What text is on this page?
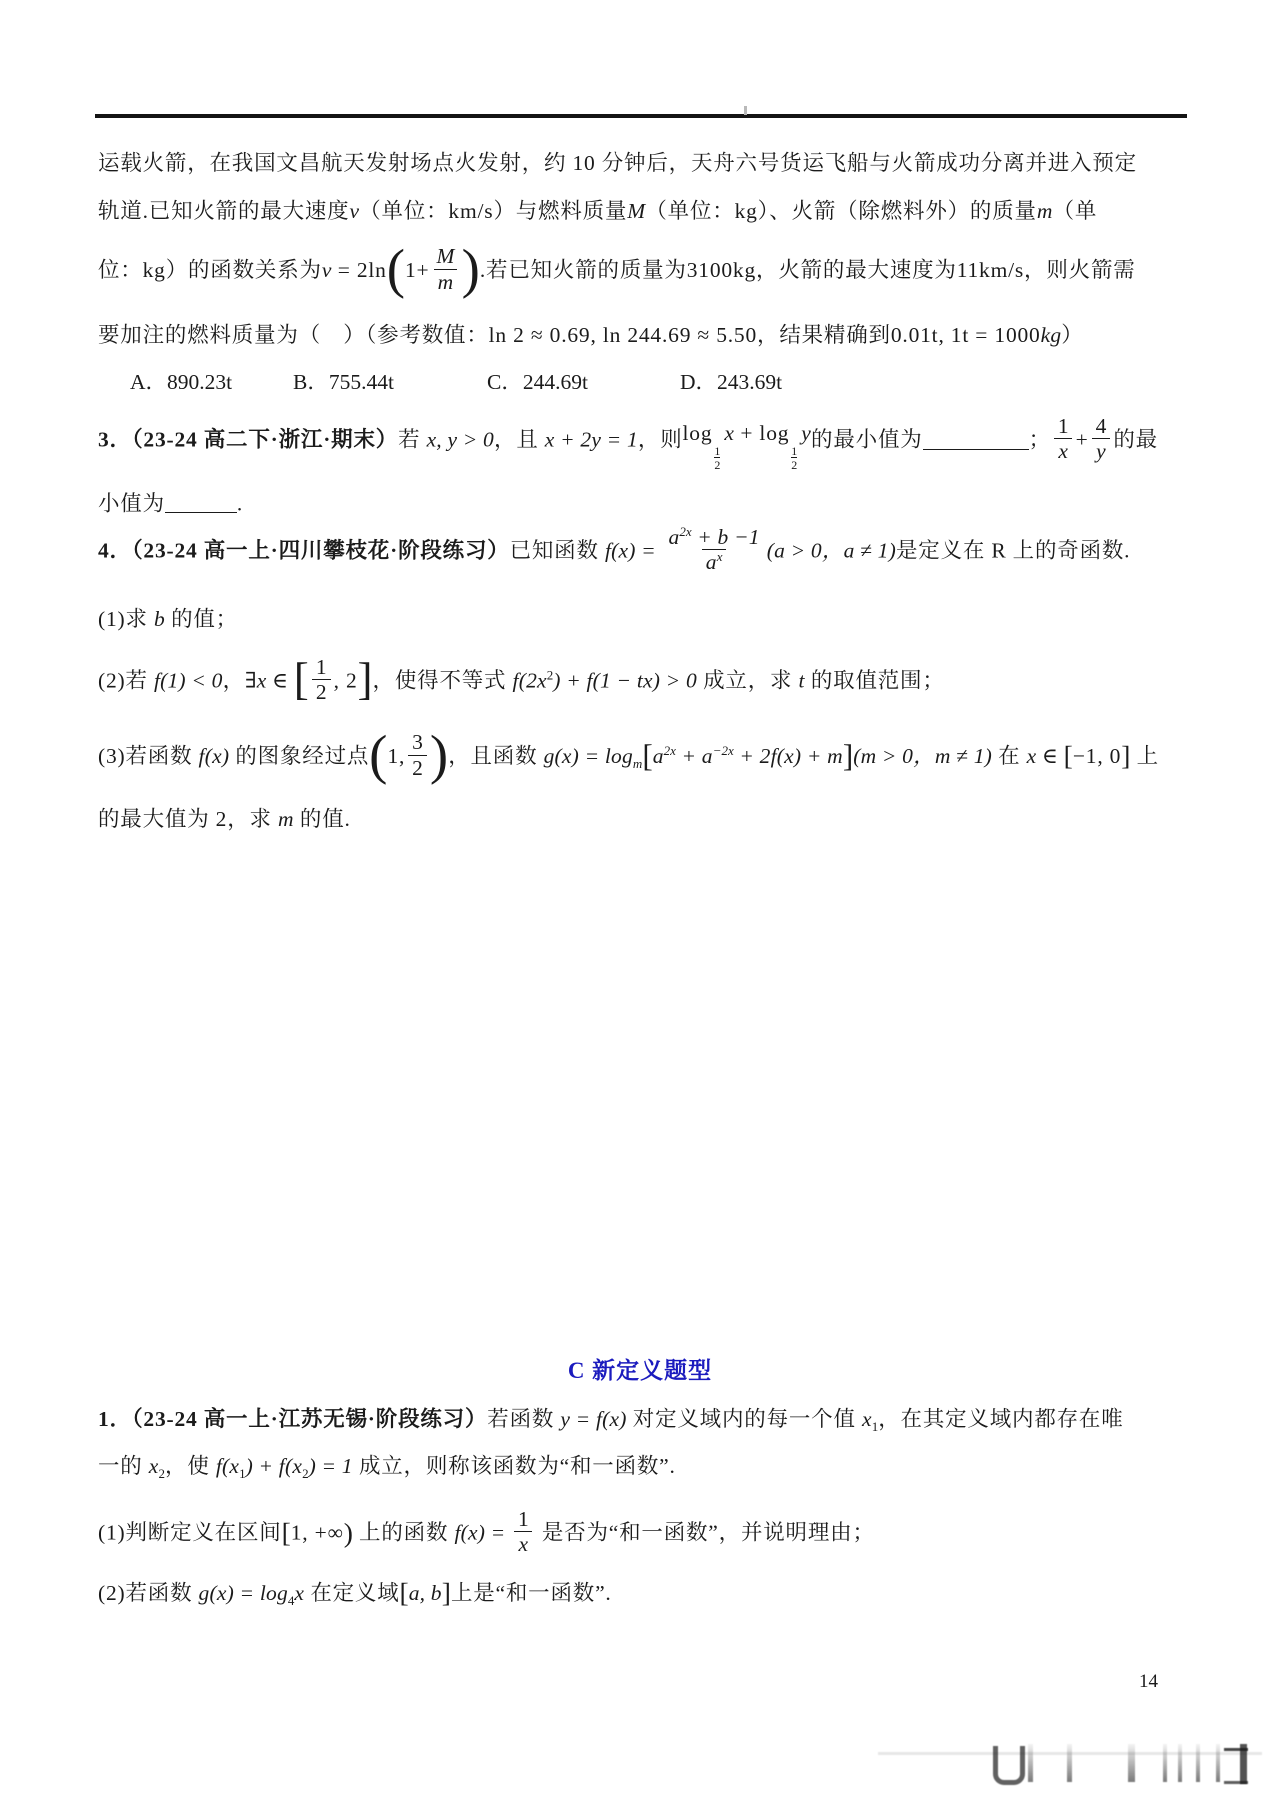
运载火箭，在我国文昌航天发射场点火发射，约 10 分钟后，天舟六号货运飞船与火箭成功分离并进入预定
轨道.已知火箭的最大速度v（单位：km/s）与燃料质量M（单位：kg）、火箭（除燃料外）的质量m（单
位：kg）的函数关系为$v = 2\ln(1+ \frac{M}{m}$ ).若已知火箭的质量为3100kg，火箭的最大速度为11km/s，则火箭需
要加注的燃料质量为（　）（参考数值：ln 2 ≈ 0.69, ln 244.69 ≈ 5.50，结果精确到0.01t, 1t = 1000kg）
A．890.23t	B．755.44t	C．244.69t	D．243.69t
3．（23-24 高二下·浙江·期末）若 x, y > 0，且 x + 2y = 1，则log
$\frac{1}{2}$
x + log
$\frac{1}{2}$
y的最小值为	； $\frac{1}{x} + \frac{4}{y}$ 的最
小值为	.
4．（23-24 高一上·四川攀枝花·阶段练习）已知函数 $f(x) = \frac{a^{2x} + b -1}{a^x} (a > 0$，a ≠ 1)是定义在 R 上的奇函数.
(1)求 b 的值；
(2)若 f(1) < 0，∃x ∈ [ $\frac{1}{2}$ , 2]，使得不等式 $f(2x^2) + f(1 - tx) > 0$ 成立，求 t 的取值范围；
(3)若函数 f(x) 的图象经过点(1, $\frac{3}{2}$ )，且函数 $g(x) = \log_m[a^{2x} + a^{-2x} + 2f(x) + m](m > 0$，m ≠ 1) 在 x ∈ [−1, 0] 上
的最大值为 2，求 m 的值.
C 新定义题型
1．（23-24 高一上·江苏无锡·阶段练习）若函数 y = f(x) 对定义域内的每一个值 $x_1$，在其定义域内都存在唯
一的 $x_2$，使 $f(x_1) + f(x_2) = 1$ 成立，则称该函数为“和一函数”.
(1)判断定义在区间[1, +∞) 上的函数 $f(x) = \frac{1}{x}$ 是否为“和一函数”，并说明理由；
(2)若函数 $g(x) = \log_4x$ 在定义域[a, b]上是“和一函数”.
14
